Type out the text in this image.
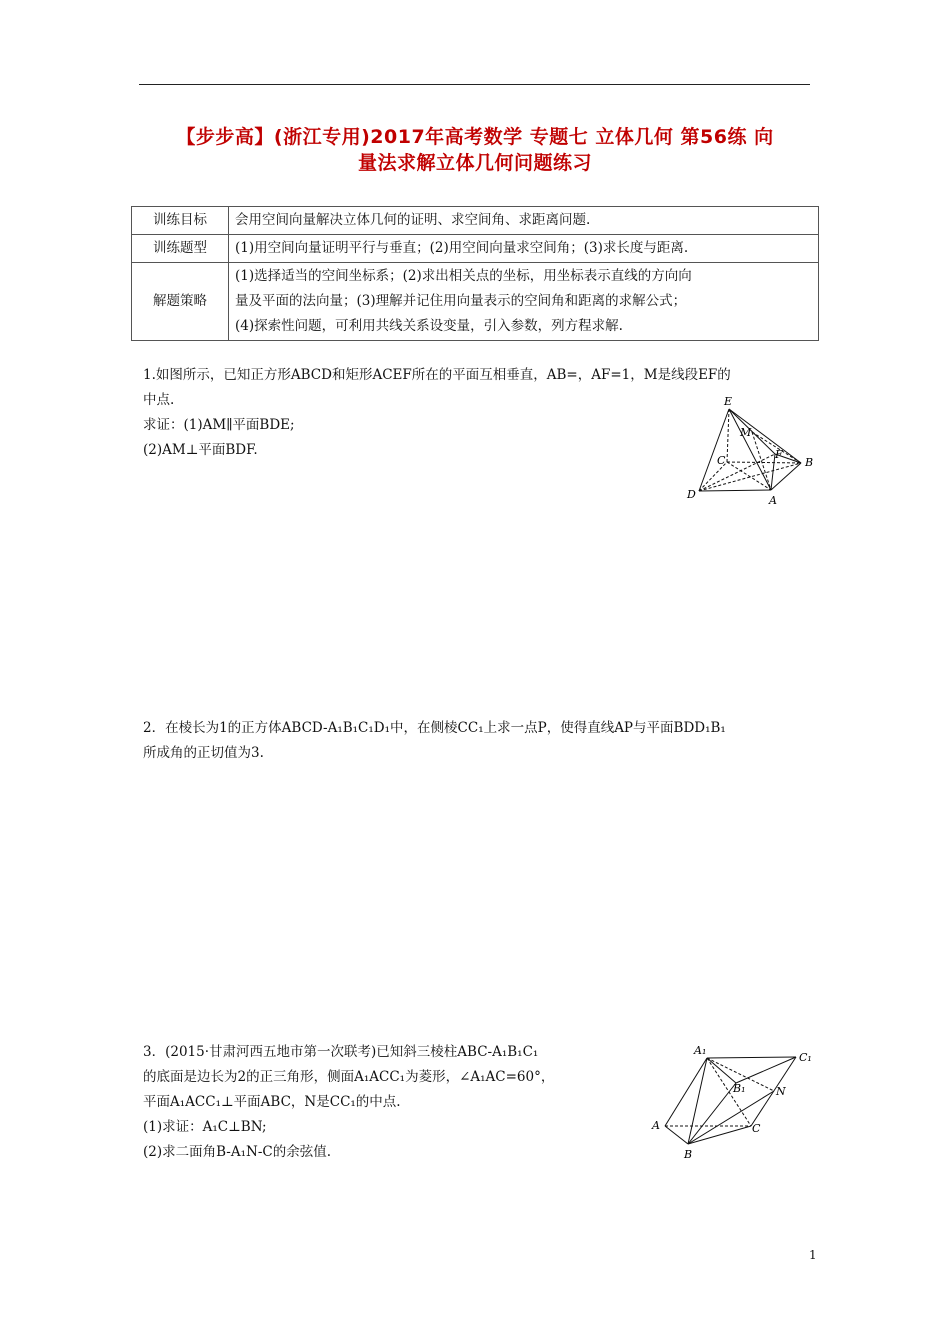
【步步高】(浙江专用)2017年高考数学 专题七 立体几何 第56练 向
量法求解立体几何问题练习
训练目标	会用空间向量解决立体几何的证明、求空间角、求距离问题.

训练题型	(1)用空间向量证明平行与垂直；(2)用空间向量求空间角；(3)求长度与距离.

解题策略	(1)选择适当的空间坐标系；(2)求出相关点的坐标，用坐标表示直线的方向向
量及平面的法向量；(3)理解并记住用向量表示的空间角和距离的求解公式；
(4)探索性问题，可利用共线关系设变量，引入参数，列方程求解.
1.如图所示，已知正方形ABCD和矩形ACEF所在的平面互相垂直，AB=，AF=1，M是线段EF的
中点.
求证：(1)AM∥平面BDE;
(2)AM⊥平面BDF.
E
M
C	F
B
D	A
2．在棱长为1的正方体ABCD-A₁B₁C₁D₁中，在侧棱CC₁上求一点P，使得直线AP与平面BDD₁B₁
所成角的正切值为3.
3．(2015·甘肃河西五地市第一次联考)已知斜三棱柱ABC-A₁B₁C₁
的底面是边长为2的正三角形，侧面A₁ACC₁为菱形，∠A₁AC=60°，
平面A₁ACC₁⊥平面ABC，N是CC₁的中点.
(1)求证：A₁C⊥BN;
(2)求二面角B-A₁N-C的余弦值.
A₁
C₁
B₁	N
A	C
B
1
